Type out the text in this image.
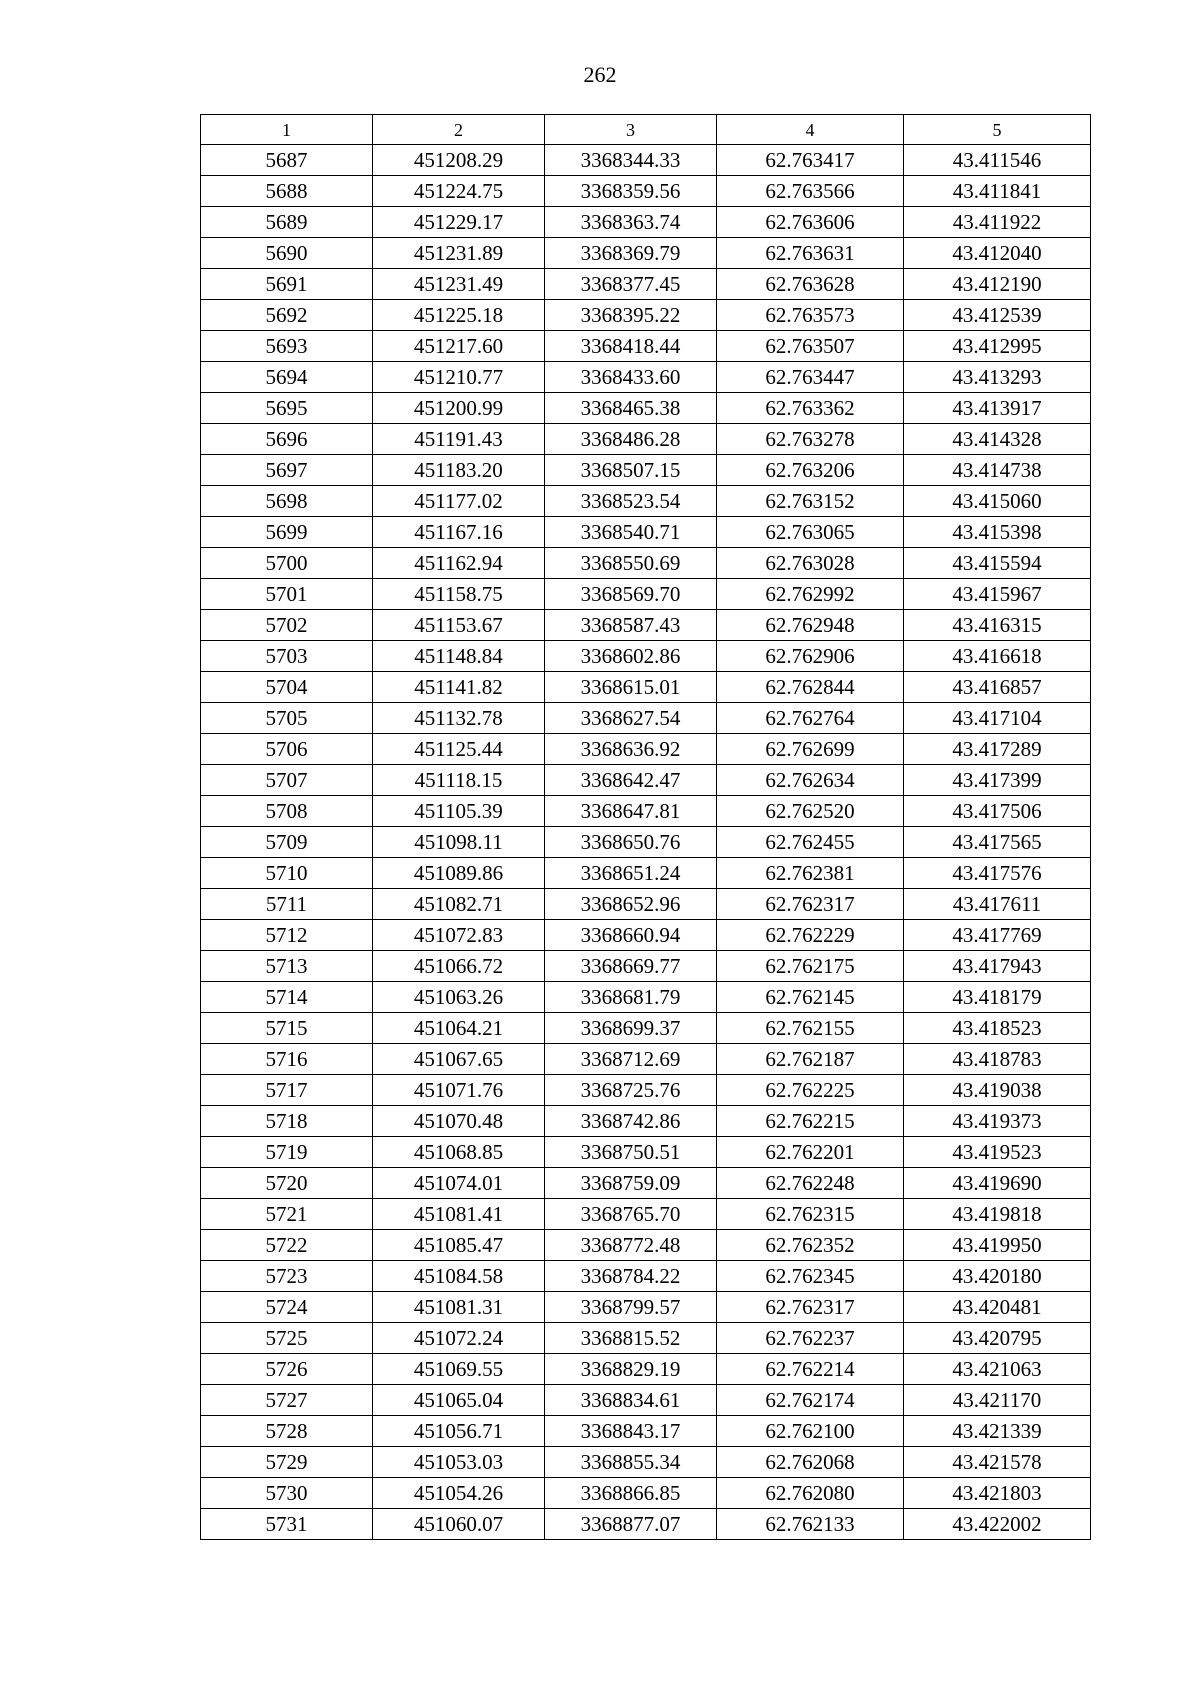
262
1	2	3	4	5
5687	451208.29	3368344.33	62.763417	43.411546
5688	451224.75	3368359.56	62.763566	43.411841
5689	451229.17	3368363.74	62.763606	43.411922
5690	451231.89	3368369.79	62.763631	43.412040
5691	451231.49	3368377.45	62.763628	43.412190
5692	451225.18	3368395.22	62.763573	43.412539
5693	451217.60	3368418.44	62.763507	43.412995
5694	451210.77	3368433.60	62.763447	43.413293
5695	451200.99	3368465.38	62.763362	43.413917
5696	451191.43	3368486.28	62.763278	43.414328
5697	451183.20	3368507.15	62.763206	43.414738
5698	451177.02	3368523.54	62.763152	43.415060
5699	451167.16	3368540.71	62.763065	43.415398
5700	451162.94	3368550.69	62.763028	43.415594
5701	451158.75	3368569.70	62.762992	43.415967
5702	451153.67	3368587.43	62.762948	43.416315
5703	451148.84	3368602.86	62.762906	43.416618
5704	451141.82	3368615.01	62.762844	43.416857
5705	451132.78	3368627.54	62.762764	43.417104
5706	451125.44	3368636.92	62.762699	43.417289
5707	451118.15	3368642.47	62.762634	43.417399
5708	451105.39	3368647.81	62.762520	43.417506
5709	451098.11	3368650.76	62.762455	43.417565
5710	451089.86	3368651.24	62.762381	43.417576
5711	451082.71	3368652.96	62.762317	43.417611
5712	451072.83	3368660.94	62.762229	43.417769
5713	451066.72	3368669.77	62.762175	43.417943
5714	451063.26	3368681.79	62.762145	43.418179
5715	451064.21	3368699.37	62.762155	43.418523
5716	451067.65	3368712.69	62.762187	43.418783
5717	451071.76	3368725.76	62.762225	43.419038
5718	451070.48	3368742.86	62.762215	43.419373
5719	451068.85	3368750.51	62.762201	43.419523
5720	451074.01	3368759.09	62.762248	43.419690
5721	451081.41	3368765.70	62.762315	43.419818
5722	451085.47	3368772.48	62.762352	43.419950
5723	451084.58	3368784.22	62.762345	43.420180
5724	451081.31	3368799.57	62.762317	43.420481
5725	451072.24	3368815.52	62.762237	43.420795
5726	451069.55	3368829.19	62.762214	43.421063
5727	451065.04	3368834.61	62.762174	43.421170
5728	451056.71	3368843.17	62.762100	43.421339
5729	451053.03	3368855.34	62.762068	43.421578
5730	451054.26	3368866.85	62.762080	43.421803
5731	451060.07	3368877.07	62.762133	43.422002
